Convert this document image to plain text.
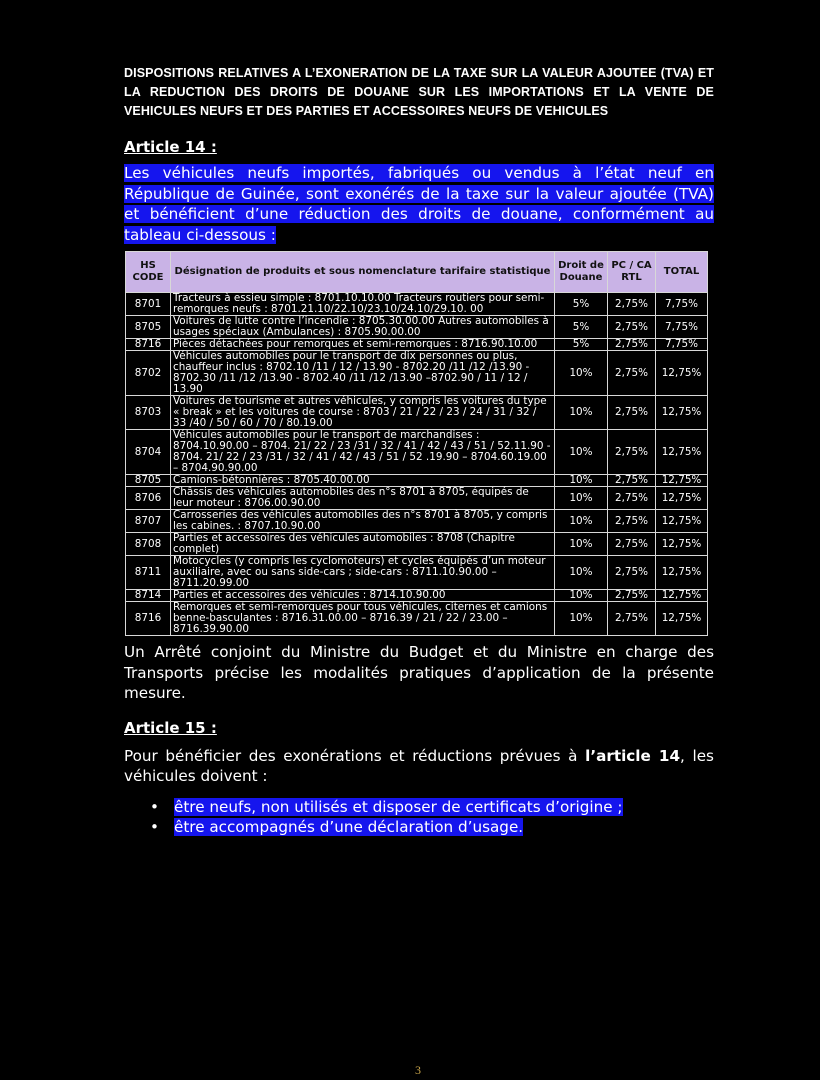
DISPOSITIONS RELATIVES A L’EXONERATION DE LA TAXE SUR LA VALEUR AJOUTEE (TVA) ET LA REDUCTION DES DROITS DE DOUANE SUR LES IMPORTATIONS ET LA VENTE DE VEHICULES NEUFS ET DES PARTIES ET ACCESSOIRES NEUFS DE VEHICULES

Article 14 :

Les véhicules neufs importés, fabriqués ou vendus à l’état neuf en République de Guinée, sont exonérés de la taxe sur la valeur ajoutée (TVA) et bénéficient d’une réduction des droits de douane, conformément au tableau ci-dessous :

HS CODE	Désignation de produits et sous nomenclature tarifaire statistique	Droit de Douane	PC / CA RTL	TOTAL
8701	Tracteurs à essieu simple : 8701.10.10.00 Tracteurs routiers pour semi-remorques neufs : 8701.21.10/22.10/23.10/24.10/29.10. 00	5%	2,75%	7,75%
8705	Voitures de lutte contre l’incendie : 8705.30.00.00 Autres automobiles à usages spéciaux (Ambulances) : 8705.90.00.00	5%	2,75%	7,75%
8716	Pièces détachées pour remorques et semi-remorques : 8716.90.10.00	5%	2,75%	7,75%
8702	Véhicules automobiles pour le transport de dix personnes ou plus, chauffeur inclus : 8702.10 /11 / 12 / 13.90 - 8702.20 /11 /12 /13.90 - 8702.30 /11 /12 /13.90 - 8702.40 /11 /12 /13.90 –8702.90 / 11 / 12 / 13.90	10%	2,75%	12,75%
8703	Voitures de tourisme et autres véhicules, y compris les voitures du type « break » et les voitures de course : 8703 / 21 / 22 / 23 / 24 / 31 / 32 / 33 /40 / 50 / 60 / 70 / 80.19.00	10%	2,75%	12,75%
8704	Véhicules automobiles pour le transport de marchandises : 8704.10.90.00 – 8704. 21/ 22 / 23 /31 / 32 / 41 / 42 / 43 / 51 / 52.11.90 - 8704. 21/ 22 / 23 /31 / 32 / 41 / 42 / 43 / 51 / 52 .19.90 – 8704.60.19.00 – 8704.90.90.00	10%	2,75%	12,75%
8705	Camions-bétonnières : 8705.40.00.00	10%	2,75%	12,75%
8706	Châssis des véhicules automobiles des n°s 8701 à 8705, équipés de leur moteur : 8706.00.90.00	10%	2,75%	12,75%
8707	Carrosseries des véhicules automobiles des n°s 8701 à 8705, y compris les cabines. : 8707.10.90.00	10%	2,75%	12,75%
8708	Parties et accessoires des véhicules automobiles : 8708 (Chapitre complet)	10%	2,75%	12,75%
8711	Motocycles (y compris les cyclomoteurs) et cycles équipés d’un moteur auxiliaire, avec ou sans side-cars ; side-cars : 8711.10.90.00 – 8711.20.99.00	10%	2,75%	12,75%
8714	Parties et accessoires des véhicules : 8714.10.90.00	10%	2,75%	12,75%
8716	Remorques et semi-remorques pour tous véhicules, citernes et camions benne-basculantes : 8716.31.00.00 – 8716.39 / 21 / 22 / 23.00 – 8716.39.90.00	10%	2,75%	12,75%

Un Arrêté conjoint du Ministre du Budget et du Ministre en charge des Transports précise les modalités pratiques d’application de la présente mesure.

Article 15 :

Pour bénéficier des exonérations et réductions prévues à l’article 14, les véhicules doivent :

• être neufs, non utilisés et disposer de certificats d’origine ;
• être accompagnés d’une déclaration d’usage.
3
